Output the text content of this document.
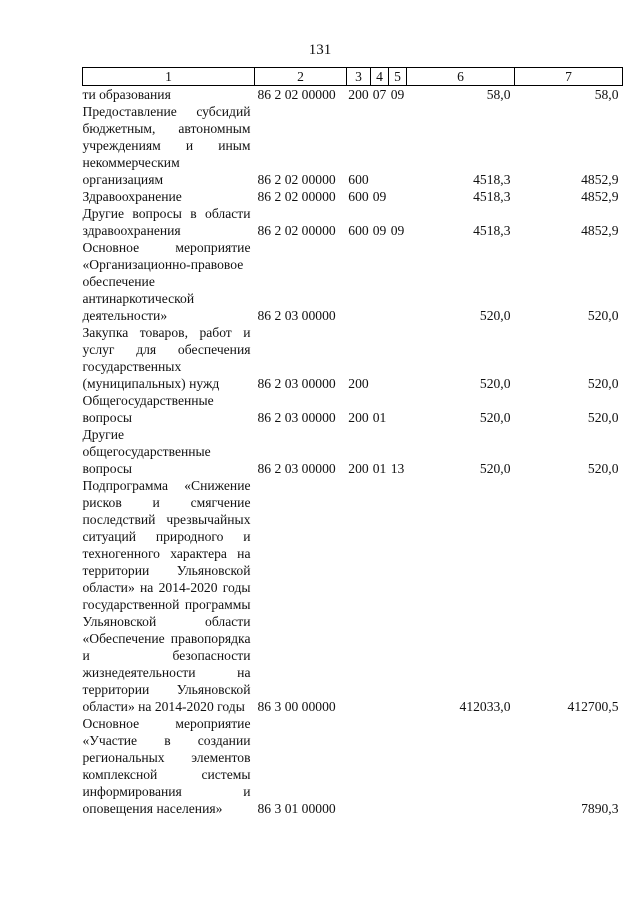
131
1	2	3	4	5	6	7
ти образования	86 2 02 00000	200	07	09	58,0	58,0
Предоставление субсидий бюджетным, автономным учреждениям и иным некоммерческим организациям	86 2 02 00000	600			4518,3	4852,9
Здравоохранение	86 2 02 00000	600	09		4518,3	4852,9
Другие вопросы в области здравоохранения	86 2 02 00000	600	09	09	4518,3	4852,9
Основное мероприятие «Организационно-правовое обеспечение антинаркотической деятельности»	86 2 03 00000				520,0	520,0
Закупка товаров, работ и услуг для обеспечения государственных (муниципальных) нужд	86 2 03 00000	200			520,0	520,0
Общегосударственные вопросы	86 2 03 00000	200	01		520,0	520,0
Другие общегосударственные вопросы	86 2 03 00000	200	01	13	520,0	520,0
Подпрограмма «Снижение рисков и смягчение последствий чрезвычайных ситуаций природного и техногенного характера на территории Ульяновской области» на 2014-2020 годы государственной программы Ульяновской области «Обеспечение правопорядка и безопасности жизнедеятельности на территории Ульяновской области» на 2014-2020 годы	86 3 00 00000				412033,0	412700,5
Основное мероприятие «Участие в создании региональных элементов комплексной системы информирования и оповещения населения»	86 3 01 00000					7890,3
